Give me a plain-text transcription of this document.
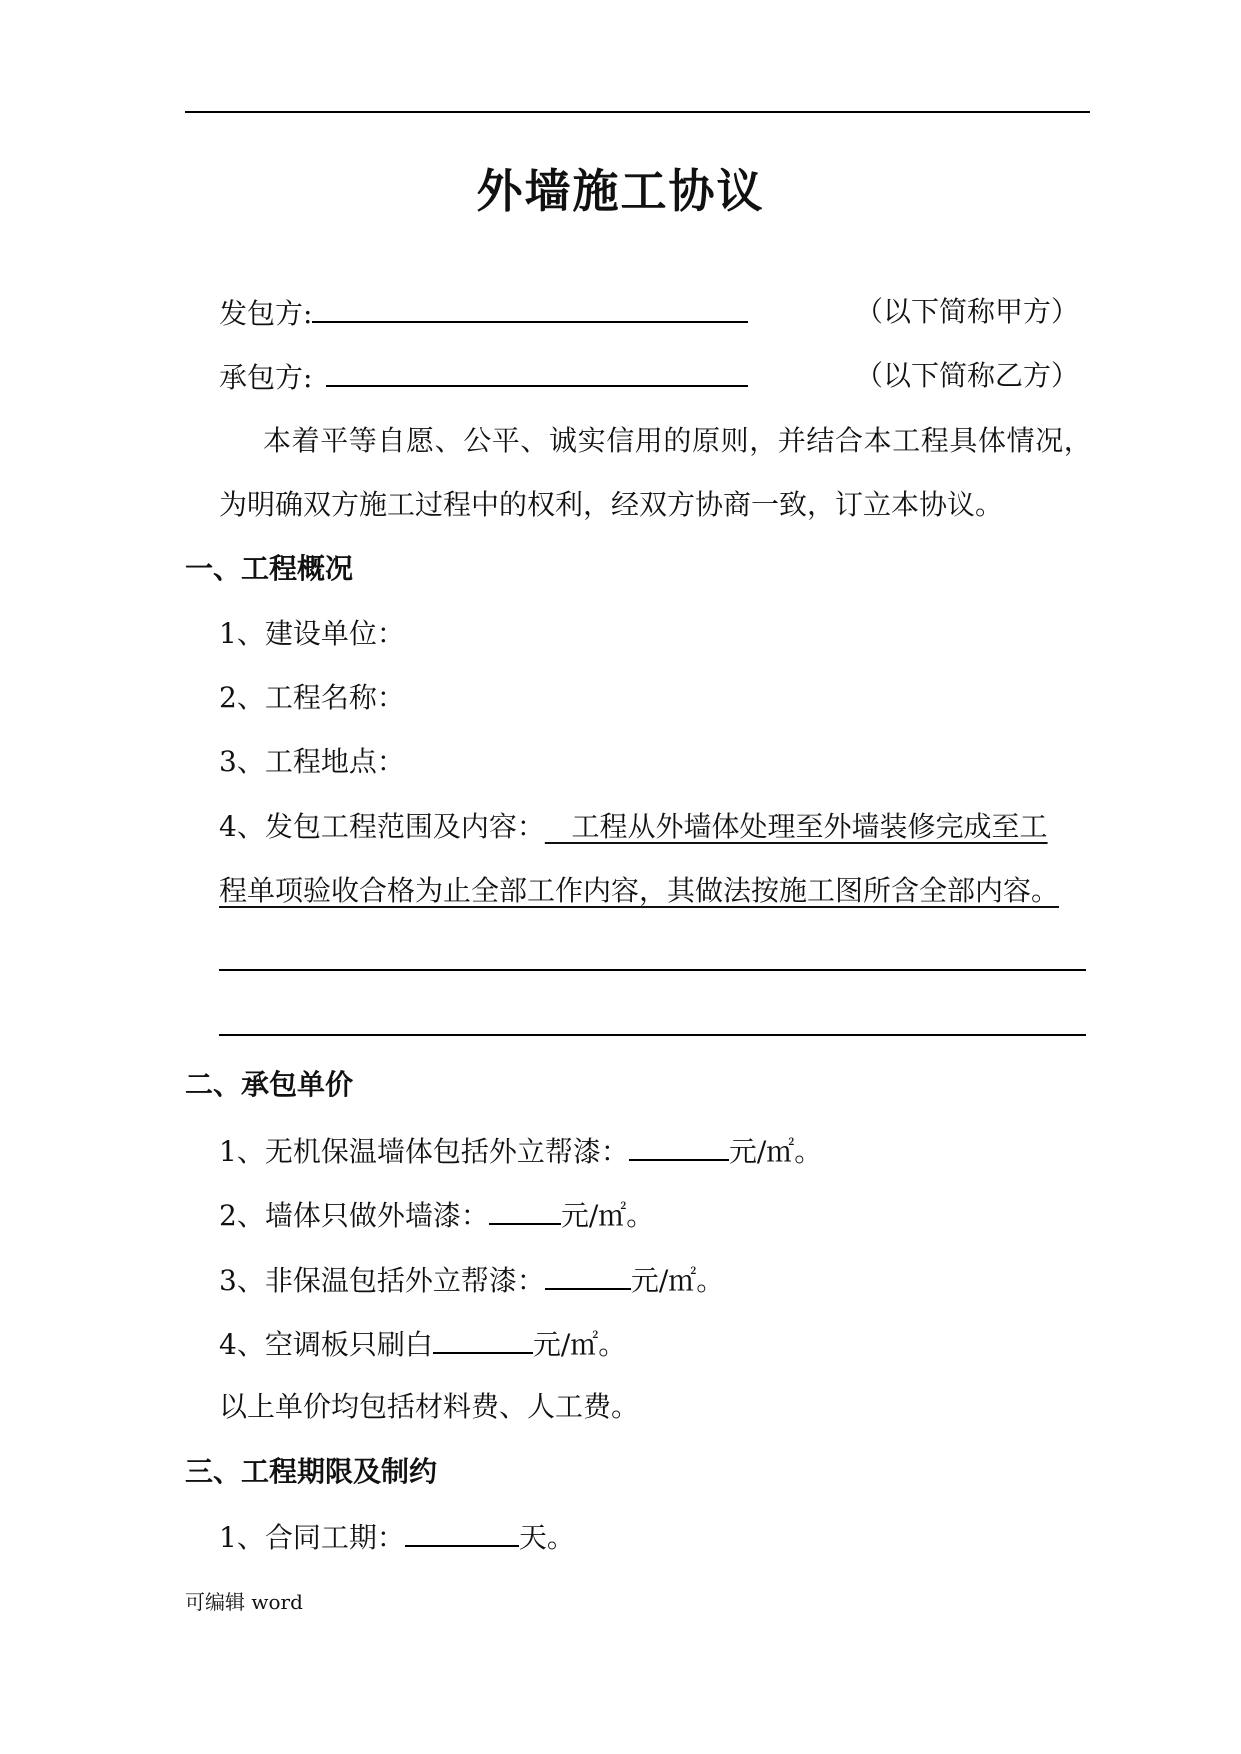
外墙施工协议
发包方:	（以下简称甲方）
承包方:	（以下简称乙方）
本着平等自愿、公平、诚实信用的原则，并结合本工程具体情况，
为明确双方施工过程中的权利，经双方协商一致，订立本协议。
一、工程概况
1、建设单位：
2、工程名称：
3、工程地点：
4、发包工程范围及内容：   工程从外墙体处理至外墙装修完成至工
程单项验收合格为止全部工作内容，其做法按施工图所含全部内容。
二、承包单价
1、无机保温墙体包括外立帮漆：	元/㎡。
2、墙体只做外墙漆：	元/㎡。
3、非保温包括外立帮漆：	元/㎡。
4、空调板只刷白	元/㎡。
以上单价均包括材料费、人工费。
三、工程期限及制约
1、合同工期：	天。
可编辑 word
